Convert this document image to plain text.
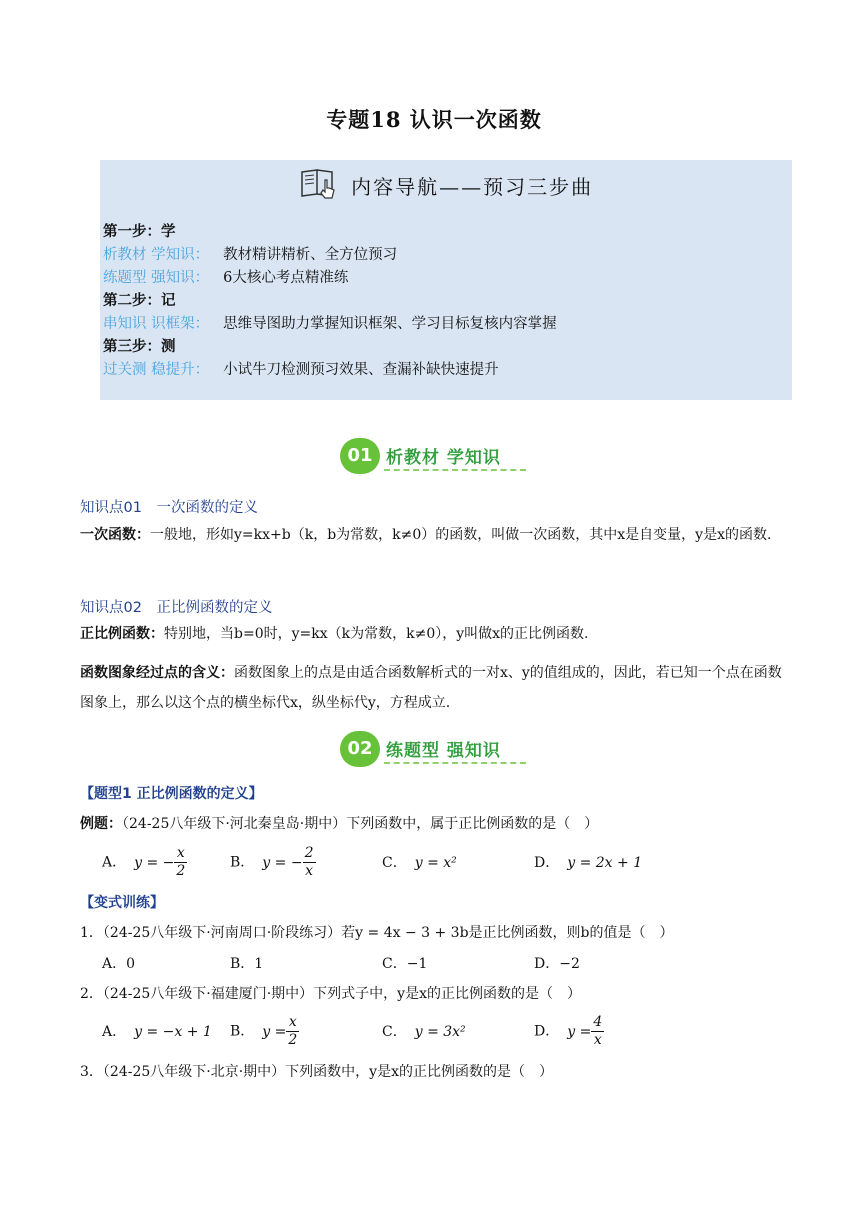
专题18 认识一次函数
内容导航——预习三步曲
第一步：学
析教材 学知识： 教材精讲精析、全方位预习
练题型 强知识： 6大核心考点精准练
第二步：记
串知识 识框架： 思维导图助力掌握知识框架、学习目标复核内容掌握
第三步：测
过关测 稳提升： 小试牛刀检测预习效果、查漏补缺快速提升
01 析教材 学知识
知识点01　一次函数的定义
一次函数：一般地，形如y=kx+b（k，b为常数，k≠0）的函数，叫做一次函数，其中x是自变量，y是x的函数.
知识点02　正比例函数的定义
正比例函数：特别地，当b=0时，y=kx（k为常数，k≠0），y叫做x的正比例函数.
函数图象经过点的含义：函数图象上的点是由适合函数解析式的一对x、y的值组成的，因此，若已知一个点在函数图象上，那么以这个点的横坐标代x，纵坐标代y，方程成立.
02 练题型 强知识
【题型1 正比例函数的定义】
例题：（24-25八年级下·河北秦皇岛·期中）下列函数中，属于正比例函数的是（　）
A． y = − $\frac{x}{2}$	B． y = − $\frac{2}{x}$	C． y = x²	D． y = 2x + 1
【变式训练】
1．（24-25八年级下·河南周口·阶段练习）若y = 4x − 3 + 3b是正比例函数，则b的值是（　）
A．0	B．1	C．−1	D．−2
2．（24-25八年级下·福建厦门·期中）下列式子中，y是x的正比例函数的是（　）
A． y = −x + 1 B． $y = \frac{x}{2}$	C． y = 3x²	D． $y = \frac{4}{x}$
3．（24-25八年级下·北京·期中）下列函数中，y是x的正比例函数的是（　）
